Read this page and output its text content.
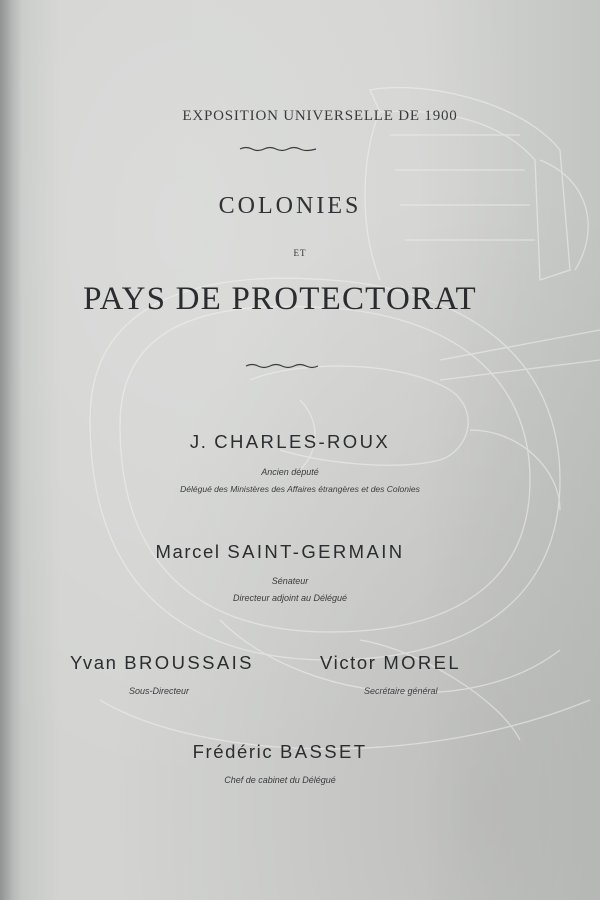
EXPOSITION UNIVERSELLE DE 1900
COLONIES
ET
PAYS DE PROTECTORAT
J. CHARLES-ROUX
Ancien député
Délégué des Ministères des Affaires étrangères et des Colonies
Marcel SAINT-GERMAIN
Sénateur
Directeur adjoint au Délégué
Yvan BROUSSAIS	Victor MOREL
Sous-Directeur	Secrétaire général
Frédéric BASSET
Chef de cabinet du Délégué
